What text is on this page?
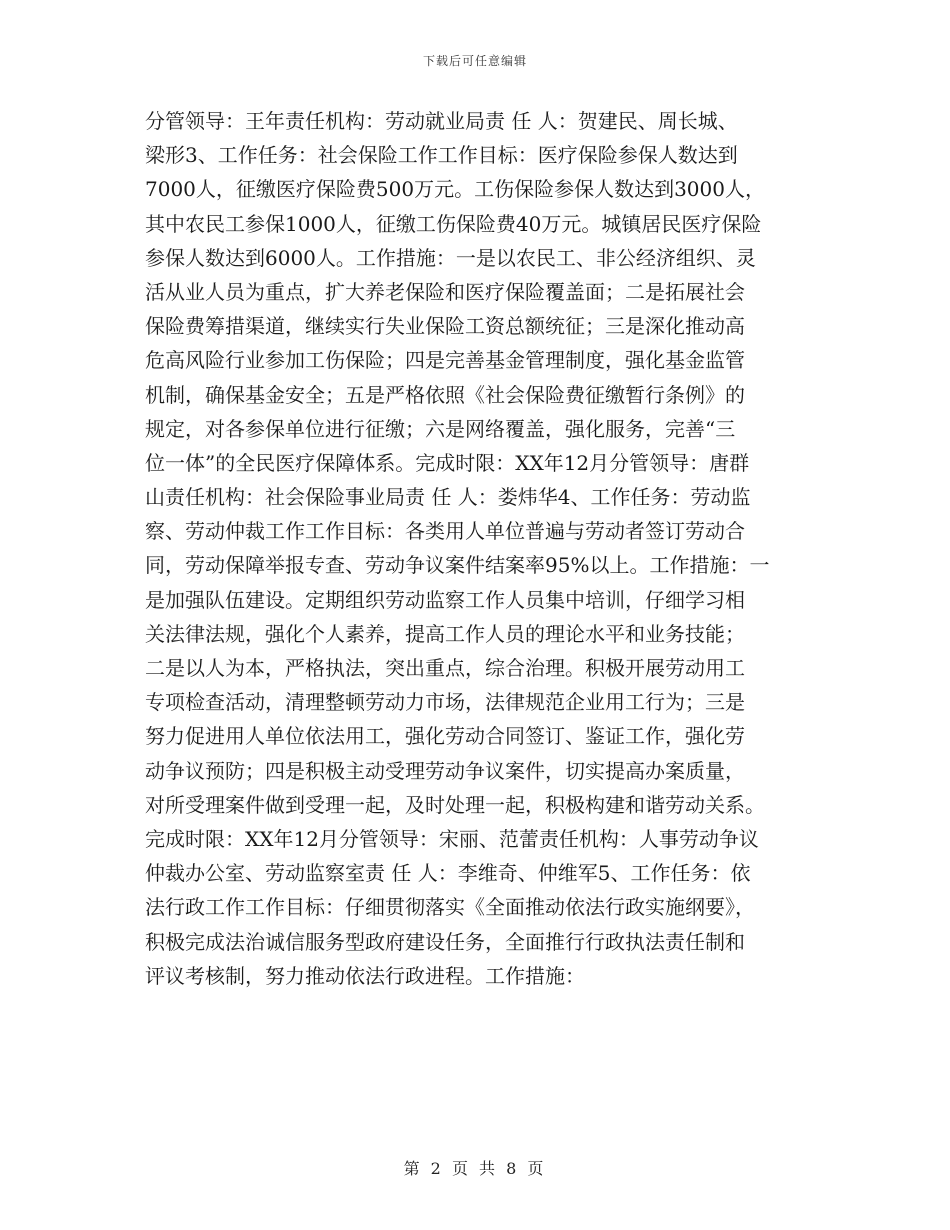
下载后可任意编辑
分管领导：王年责任机构：劳动就业局责 任 人：贺建民、周长城、
梁形3、工作任务：社会保险工作工作目标：医疗保险参保人数达到
7000人，征缴医疗保险费500万元。工伤保险参保人数达到3000人，
其中农民工参保1000人，征缴工伤保险费40万元。城镇居民医疗保险
参保人数达到6000人。工作措施：一是以农民工、非公经济组织、灵
活从业人员为重点，扩大养老保险和医疗保险覆盖面；二是拓展社会
保险费筹措渠道，继续实行失业保险工资总额统征；三是深化推动高
危高风险行业参加工伤保险；四是完善基金管理制度，强化基金监管
机制，确保基金安全；五是严格依照《社会保险费征缴暂行条例》的
规定，对各参保单位进行征缴；六是网络覆盖，强化服务，完善“三
位一体”的全民医疗保障体系。完成时限：XX年12月分管领导：唐群
山责任机构：社会保险事业局责 任 人：娄炜华4、工作任务：劳动监
察、劳动仲裁工作工作目标：各类用人单位普遍与劳动者签订劳动合
同，劳动保障举报专查、劳动争议案件结案率95%以上。工作措施：一
是加强队伍建设。定期组织劳动监察工作人员集中培训，仔细学习相
关法律法规，强化个人素养，提高工作人员的理论水平和业务技能；
二是以人为本，严格执法，突出重点，综合治理。积极开展劳动用工
专项检查活动，清理整顿劳动力市场，法律规范企业用工行为；三是
努力促进用人单位依法用工，强化劳动合同签订、鉴证工作，强化劳
动争议预防；四是积极主动受理劳动争议案件，切实提高办案质量，
对所受理案件做到受理一起，及时处理一起，积极构建和谐劳动关系。
完成时限：XX年12月分管领导：宋丽、范蕾责任机构：人事劳动争议
仲裁办公室、劳动监察室责 任 人：李维奇、仲维军5、工作任务：依
法行政工作工作目标：仔细贯彻落实《全面推动依法行政实施纲要》，
积极完成法治诚信服务型政府建设任务，全面推行行政执法责任制和
评议考核制，努力推动依法行政进程。工作措施：
第 2 页 共 8 页
